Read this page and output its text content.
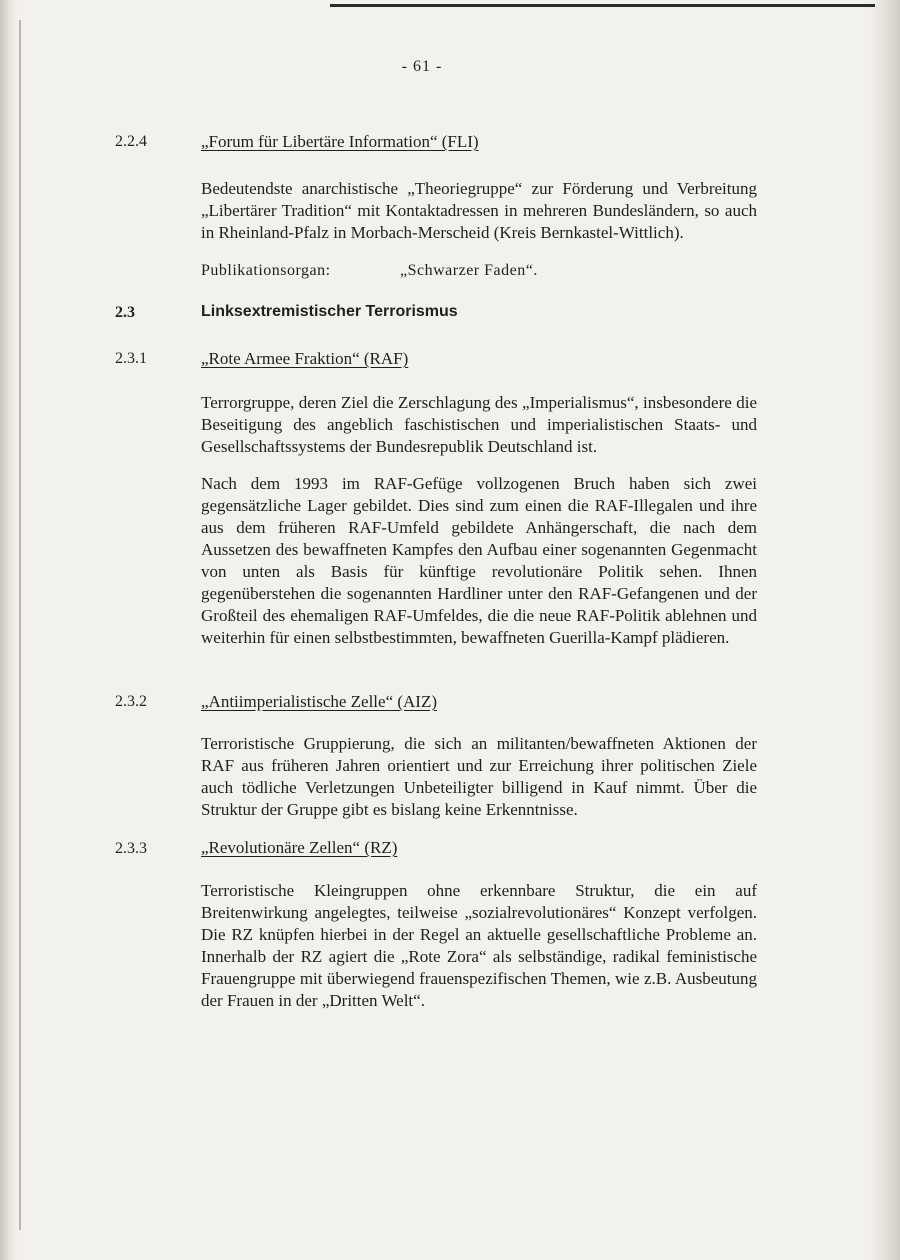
- 61 -
2.2.4	„Forum für Libertäre Information“ (FLI)

Bedeutendste anarchistische „Theoriegruppe“ zur Förderung und Verbreitung „Libertärer Tradition“ mit Kontaktadressen in mehreren Bundesländern, so auch in Rheinland-Pfalz in Morbach-Merscheid (Kreis Bernkastel-Wittlich).

Publikationsorgan:	„Schwarzer Faden“.
2.3	Linksextremistischer Terrorismus
2.3.1	„Rote Armee Fraktion“ (RAF)

Terrorgruppe, deren Ziel die Zerschlagung des „Imperialismus“, insbesondere die Beseitigung des angeblich faschistischen und imperialistischen Staats- und Gesellschaftssystems der Bundesrepublik Deutschland ist.

Nach dem 1993 im RAF-Gefüge vollzogenen Bruch haben sich zwei gegensätzliche Lager gebildet. Dies sind zum einen die RAF-Illegalen und ihre aus dem früheren RAF-Umfeld gebildete Anhängerschaft, die nach dem Aussetzen des bewaffneten Kampfes den Aufbau einer sogenannten Gegenmacht von unten als Basis für künftige revolutionäre Politik sehen. Ihnen gegenüberstehen die sogenannten Hardliner unter den RAF-Gefangenen und der Großteil des ehemaligen RAF-Umfeldes, die die neue RAF-Politik ablehnen und weiterhin für einen selbstbestimmten, bewaffneten Guerilla-Kampf plädieren.

2.3.2	„Antiimperialistische Zelle“ (AIZ)

Terroristische Gruppierung, die sich an militanten/bewaffneten Aktionen der RAF aus früheren Jahren orientiert und zur Erreichung ihrer politischen Ziele auch tödliche Verletzungen Unbeteiligter billigend in Kauf nimmt. Über die Struktur der Gruppe gibt es bislang keine Erkenntnisse.

2.3.3	„Revolutionäre Zellen“ (RZ)

Terroristische Kleingruppen ohne erkennbare Struktur, die ein auf Breitenwirkung angelegtes, teilweise „sozialrevolutionäres“ Konzept verfolgen. Die RZ knüpfen hierbei in der Regel an aktuelle gesellschaftliche Probleme an. Innerhalb der RZ agiert die „Rote Zora“ als selbständige, radikal feministische Frauengruppe mit überwiegend frauenspezifischen Themen, wie z.B. Ausbeutung der Frauen in der „Dritten Welt“.
